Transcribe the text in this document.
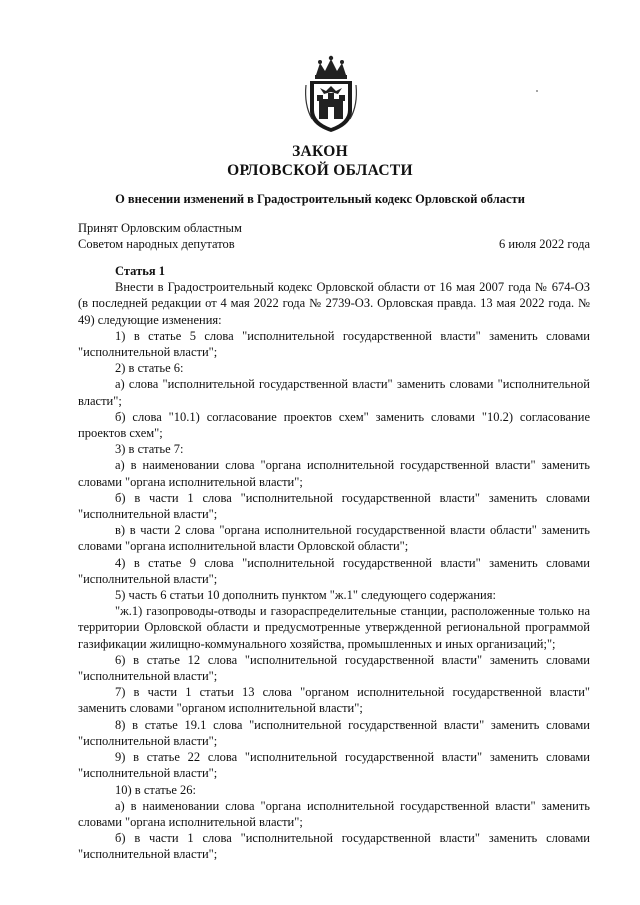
ЗАКОН
ОРЛОВСКОЙ ОБЛАСТИ
О внесении изменений в Градостроительный кодекс Орловской области
Принят Орловским областным
Советом народных депутатов	6 июля 2022 года

Статья 1

Внести в Градостроительный кодекс Орловской области от 16 мая 2007 года № 674-ОЗ (в последней редакции от 4 мая 2022 года № 2739-ОЗ. Орловская правда. 13 мая 2022 года. № 49) следующие изменения:

1) в статье 5 слова "исполнительной государственной власти" заменить словами "исполнительной власти";

2) в статье 6:

а) слова "исполнительной государственной власти" заменить словами "исполнительной власти";

б) слова "10.1) согласование проектов схем" заменить словами "10.2) согласование проектов схем";

3) в статье 7:

а) в наименовании слова "органа исполнительной государственной власти" заменить словами "органа исполнительной власти";

б) в части 1 слова "исполнительной государственной власти" заменить словами "исполнительной власти";

в) в части 2 слова "органа исполнительной государственной власти области" заменить словами "органа исполнительной власти Орловской области";

4) в статье 9 слова "исполнительной государственной власти" заменить словами "исполнительной власти";

5) часть 6 статьи 10 дополнить пунктом "ж.1" следующего содержания:

"ж.1) газопроводы-отводы и газораспределительные станции, расположенные только на территории Орловской области и предусмотренные утвержденной региональной программой газификации жилищно-коммунального хозяйства, промышленных и иных организаций;";

6) в статье 12 слова "исполнительной государственной власти" заменить словами "исполнительной власти";

7) в части 1 статьи 13 слова "органом исполнительной государственной власти" заменить словами "органом исполнительной власти";

8) в статье 19.1 слова "исполнительной государственной власти" заменить словами "исполнительной власти";

9) в статье 22 слова "исполнительной государственной власти" заменить словами "исполнительной власти";

10) в статье 26:

а) в наименовании слова "органа исполнительной государственной власти" заменить словами "органа исполнительной власти";

б) в части 1 слова "исполнительной государственной власти" заменить словами "исполнительной власти";
